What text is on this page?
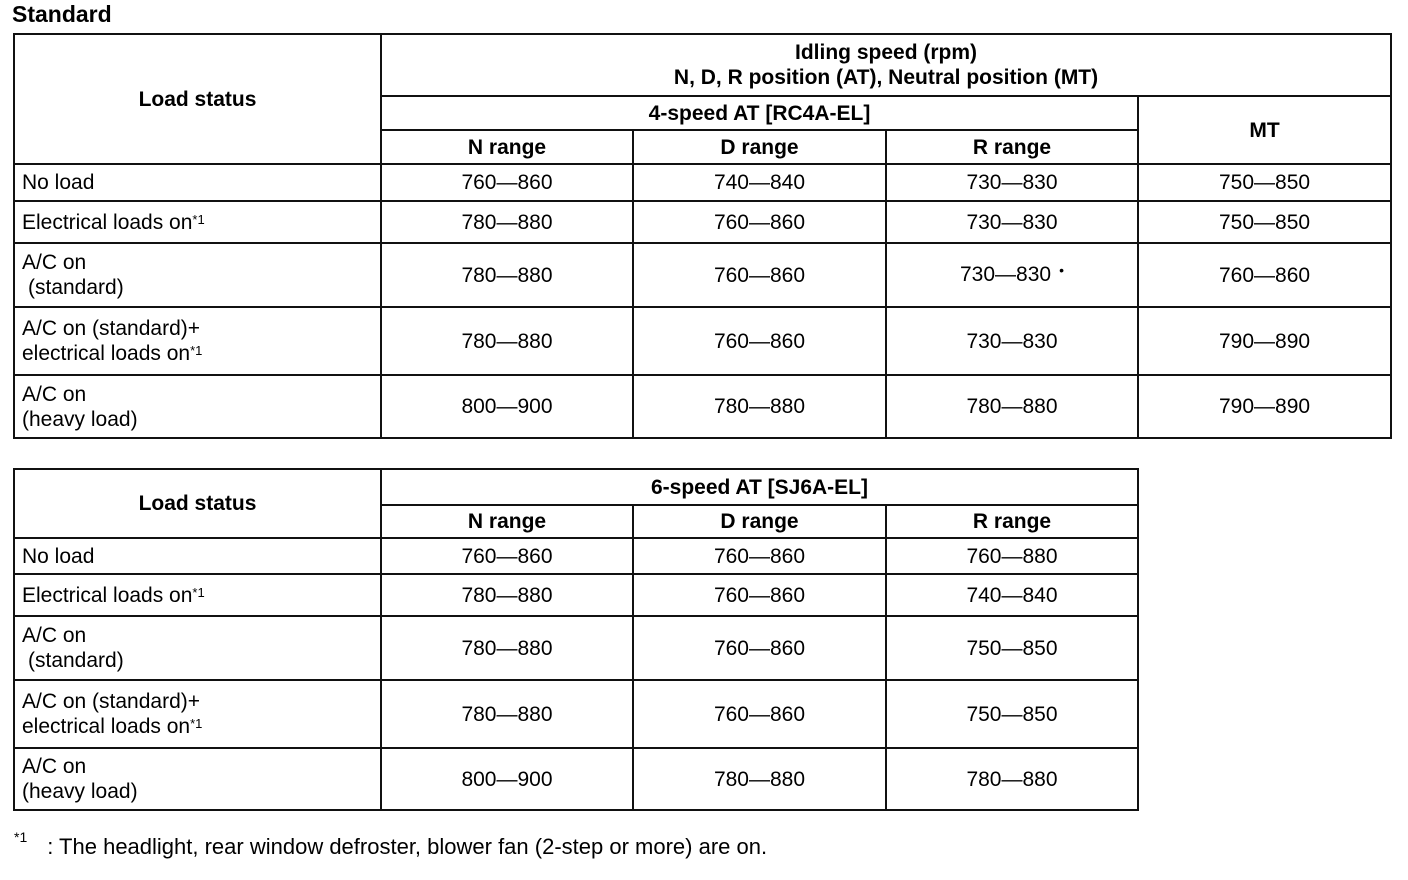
Standard
Load status	Idling speed (rpm)
N, D, R position (AT), Neutral position (MT)			

	4-speed AT [RC4A-EL]			MT
	N range	D range	R range	
No load	760—860	740—840	730—830	750—850
Electrical loads $on^{*1}$	780—880	760—860	730—830	750—850

A/C on
(standard)	780—880	760—860	730—830 •	760—860

A/C on (standard)+
electrical loads $on^{*1}$	780—880	760—860	730—830	790—890

A/C on
(heavy load)	800—900	780—880	780—880	790—890
Load status	6-speed AT [SJ6A-EL]		
	N range	D range	R range
No load	760—860	760—860	760—880
Electrical loads $on^{*1}$	780—880	760—860	740—840

A/C on
(standard)	780—880	760—860	750—850

A/C on (standard)+
electrical loads $on^{*1}$	780—880	760—860	750—850

A/C on
(heavy load)	800—900	780—880	780—880
$^{*1}$ : The headlight, rear window defroster, blower fan (2-step or more) are on.
